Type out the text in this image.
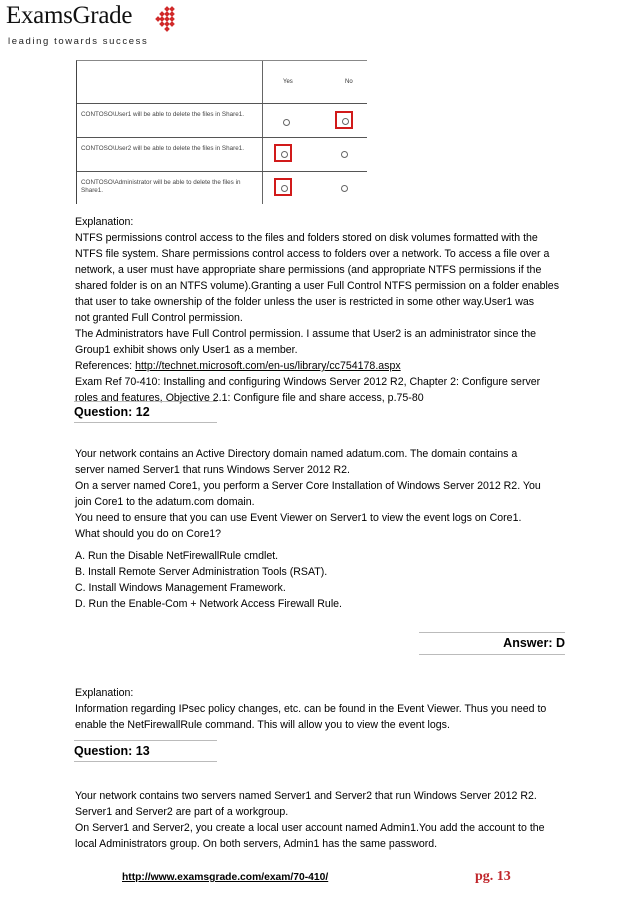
ExamsGrade
leading towards success
Yes	No
CONTOSO\User1 will be able to delete the files in Share1.
CONTOSO\User2 will be able to delete the files in Share1.
CONTOSO\Administrator will be able to delete the files in Share1.
Explanation:
NTFS permissions control access to the files and folders stored on disk volumes formatted with the
NTFS file system. Share permissions control access to folders over a network. To access a file over a
network, a user must have appropriate share permissions (and appropriate NTFS permissions if the
shared folder is on an NTFS volume).Granting a user Full Control NTFS permission on a folder enables
that user to take ownership of the folder unless the user is restricted in some other way.User1 was
not granted Full Control permission.
The Administrators have Full Control permission. I assume that User2 is an administrator since the
Group1 exhibit shows only User1 as a member.
References: http://technet.microsoft.com/en-us/library/cc754178.aspx
Exam Ref 70-410: Installing and configuring Windows Server 2012 R2, Chapter 2: Configure server
roles and features, Objective 2.1: Configure file and share access, p.75-80
Question: 12
Your network contains an Active Directory domain named adatum.com. The domain contains a
server named Server1 that runs Windows Server 2012 R2.
On a server named Core1, you perform a Server Core Installation of Windows Server 2012 R2. You
join Core1 to the adatum.com domain.
You need to ensure that you can use Event Viewer on Server1 to view the event logs on Core1.
What should you do on Core1?
A. Run the Disable NetFirewallRule cmdlet.
B. Install Remote Server Administration Tools (RSAT).
C. Install Windows Management Framework.
D. Run the Enable-Com + Network Access Firewall Rule.
Answer: D
Explanation:
Information regarding IPsec policy changes, etc. can be found in the Event Viewer. Thus you need to
enable the NetFirewallRule command. This will allow you to view the event logs.
Question: 13
Your network contains two servers named Server1 and Server2 that run Windows Server 2012 R2.
Server1 and Server2 are part of a workgroup.
On Server1 and Server2, you create a local user account named Admin1.You add the account to the
local Administrators group. On both servers, Admin1 has the same password.
http://www.examsgrade.com/exam/70-410/	pg. 13
